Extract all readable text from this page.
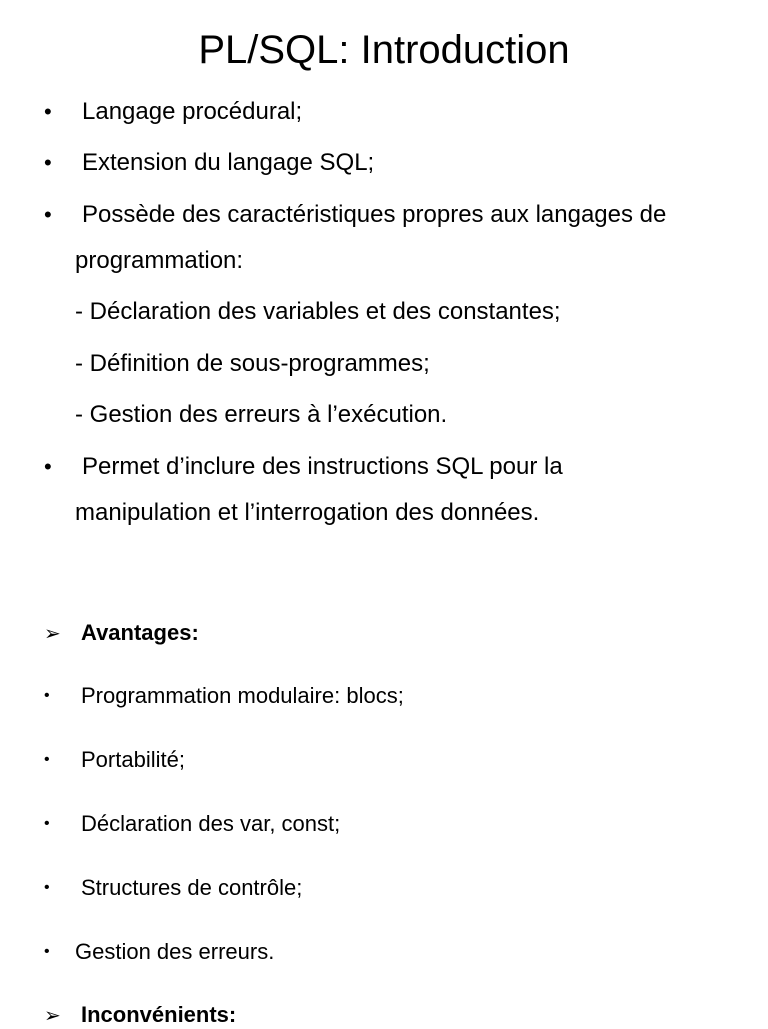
PL/SQL: Introduction
• Langage procédural;
• Extension du langage SQL;
• Possède des caractéristiques propres aux langages de
programmation:
- Déclaration des variables et des constantes;
- Définition de sous-programmes;
- Gestion des erreurs à l’exécution.
• Permet d’inclure des instructions SQL pour la
manipulation et l’interrogation des données.
➢ Avantages:
• Programmation modulaire: blocs;
• Portabilité;
• Déclaration des var, const;
• Structures de contrôle;
• Gestion des erreurs.
➢ Inconvénients:
